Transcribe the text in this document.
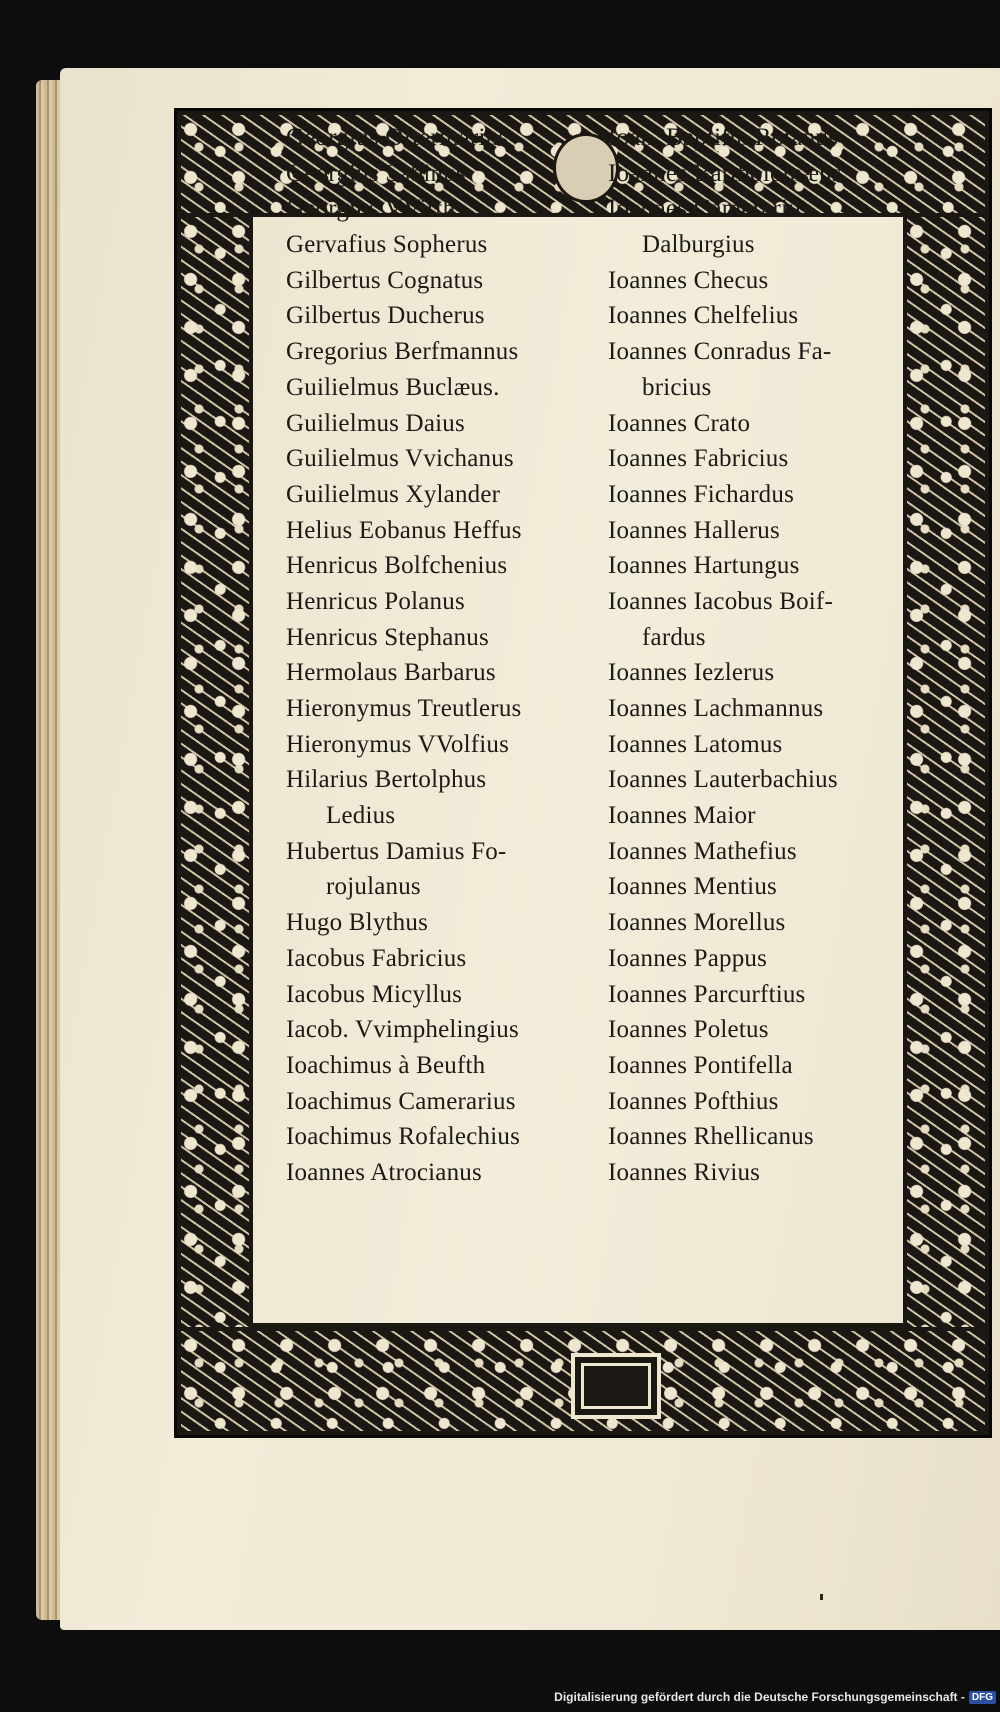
Georgius Oftermarius
Georgius Sabinus
Georgius VVirth
Gervafius Sopherus
Gilbertus Cognatus
Gilbertus Ducherus
Gregorius Berfmannus
Guilielmus Buclæus.
Guilielmus Daius
Guilielmus Vvichanus
Guilielmus Xylander
Helius Eobanus Heffus
Henricus Bolfchenius
Henricus Polanus
Henricus Stephanus
Hermolaus Barbarus
Hieronymus Treutlerus
Hieronymus VVolfius
Hilarius Bertolphus
Ledius
Hubertus Damius Fo-
rojulanus
Hugo Blythus
Iacobus Fabricius
Iacobus Micyllus
Iacob. Vvimphelingius
Ioachimus à Beufth
Ioachimus Camerarius
Ioachimus Rofalechius
Ioannes Atrocianus
Ioan. Baptifta Rotanus
Ioannes Bartholomæus
Ioannes Camerarius
Dalburgius
Ioannes Checus
Ioannes Chelfelius
Ioannes Conradus Fa-
bricius
Ioannes Crato
Ioannes Fabricius
Ioannes Fichardus
Ioannes Hallerus
Ioannes Hartungus
Ioannes Iacobus Boif-
fardus
Ioannes Iezlerus
Ioannes Lachmannus
Ioannes Latomus
Ioannes Lauterbachius
Ioannes Maior
Ioannes Mathefius
Ioannes Mentius
Ioannes Morellus
Ioannes Pappus
Ioannes Parcurftius
Ioannes Poletus
Ioannes Pontifella
Ioannes Pofthius
Ioannes Rhellicanus
Ioannes Rivius
Digitalisierung gefördert durch die Deutsche Forschungsgemeinschaft - DFG
